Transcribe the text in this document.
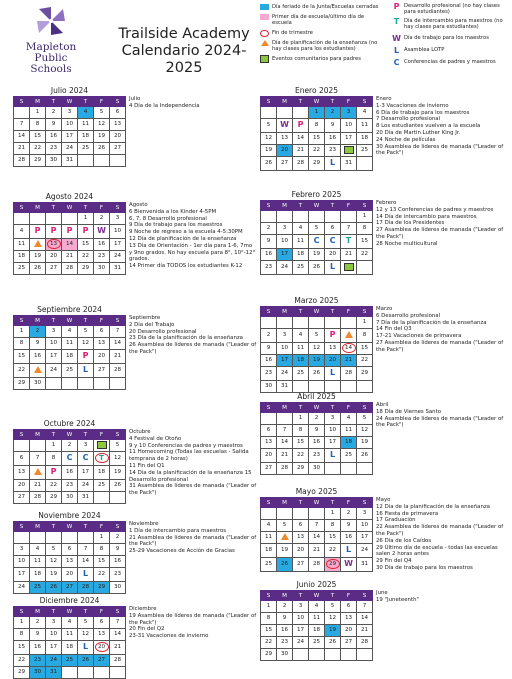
Mapleton
Public Schools
Trailside Academy
Calendario 2024-2025
Día feriado de la Junta/Escuelas cerradas
Primer día de escuela/último día de escuela
Fin de trimestre
Día de planificación de la enseñanza (no hay clases para los estudiantes)
Eventos comunitarios para padres
P Desarrollo profesional (no hay clases para estudiantes)
T Día de intercambio para maestros (no hay clases para estudiantes)
W Día de trabajo para los maestros
L Asamblea LOTP
C Conferencias de padres y maestros
Julio 2024
S	M	T	W	T	F	S
	1	2	3	4	5	6
7	8	9	10	11	12	13
14	15	16	17	18	19	20
21	22	23	24	25	26	27
28	29	30	31			
Julio
4 Día de la Independencia
Agosto 2024
S	M	T	W	T	F	S
				1	2	3
4	P	P	P	P	W	10
11		13	14	15	16	17
18	19	20	21	22	23	24
25	26	27	28	29	30	31
Agosto
6 Bienvenida a los Kinder 4-5PM
6, 7, 8 Desarrollo profesional
9 Día de trabajo para los maestros
9 Noche de regreso a la escuela 4-5:30PM
12 Día de planificación de la enseñanza
13 Día de Orientación - 1er día para 1-6, 7mo y 9no grados. No hay escuela para 8°, 10°-12° grados.
14 Primer día TODOS los estudiantes K-12
Septiembre 2024
S	M	T	W	T	F	S
1	2	3	4	5	6	7
8	9	10	11	12	13	14
15	16	17	18	P	20	21
22		24	25	L	27	28
29	30					
Septiembre
2 Día del Trabajo
20 Desarrollo profesional
23 Día de la planificación de la enseñanza
26 Asamblea de líderes de manada ("Leader of the Pack")
Octubre 2024
S	M	T	W	T	F	S
		1	2	3		5
6	7	8	C	C	T	12
13		P	16	17	18	19
20	21	22	23	24	25	26
27	28	29	30	31		
Octubre
4 Festival de Otoño
9 y 10 Conferencias de padres y maestros
11 Homecoming (Todas las escuelas - Salida temprana de 2 horas)
11 Fin del Q1
14 Día de la planificación de la enseñanza 15 Desarrollo profesional
31 Asamblea de líderes de manada ("Leader of the Pack")
Noviembre 2024
S	M	T	W	T	F	S
					1	2
3	4	5	6	7	8	9
10	11	12	13	14	15	16
17	18	19	20	L	22	23
24	25	26	27	28	29	30
Noviembre
1 Día de intercambio para maestros
21 Asamblea de líderes de manada ("Leader of the Pack")
25-29 Vacaciones de Acción de Gracias
Diciembre 2024
S	M	T	W	T	F	S
1	2	3	4	5	6	7
8	9	10	11	12	13	14
15	16	17	18	L	20	21
22	23	24	25	26	27	28
29	30	31				
Diciembre
19 Asamblea de líderes de manada ("Leader of the Pack")
20 Fin del Q2
23-31 Vacaciones de invierno
Enero 2025
S	M	T	W	T	F	S
			1	2	3	4
5	W	P	8	9	10	11
12	13	14	15	16	17	18
19	20	21	22	23		25
26	27	28	29	L	31	
Enero
1-3 Vacaciones de invierno
6 Día de trabajo para los maestros
7 Desarrollo profesional
8 Los estudiantes vuelven a la escuela
20 Día de Martin Luther King Jr.
24 Noche de películas
30 Asamblea de líderes de manada ("Leader of the Pack")
Febrero 2025
S	M	T	W	T	F	S
						1
2	3	4	5	6	7	8
9	10	11	C	C	T	15
16	17	18	19	20	21	22
23	24	25	26	L		
Febrero
12 y 13 Conferencias de padres y maestros
14 Día de intercambio para maestros
17 Día de los Presidentes
27 Asamblea de líderes de manada ("Leader of the Pack")
28 Noche multicultural
Marzo 2025
S	M	T	W	T	F	S
						1
2	3	4	5	P		8
9	10	11	12	13	14	15
16	17	18	19	20	21	22
23	24	25	26	L	28	29
30	31					
Marzo
6 Desarrollo profesional
7 Día de la planificación de la enseñanza
14 Fin del Q3
17-21 Vacaciones de primavera
27 Asamblea de líderes de manada ("Leader of the Pack")
Abril 2025
S	M	T	W	T	F	S
		1	2	3	4	5
6	7	8	9	10	11	12
13	14	15	16	17	18	19
20	21	22	23	L	25	26
27	28	29	30			
Abril
18 Día de Viernes Santo
24 Asamblea de líderes de manada ("Leader of the Pack")
Mayo 2025
S	M	T	W	T	F	S
				1	2	3
4	5	6	7	8	9	10
11		13	14	15	16	17
18	19	20	21	22	L	24
25	26	27	28	29	W	31
Mayo
12 Día de la planificación de la enseñanza
16 Fiesta de primavera
17 Graduación
22 Asamblea de líderes de manada ("Leader of the Pack")
26 Día de los Caídos
29 Último día de escuela - todas las escuelas salen 2 horas antes
29 Fin del Q4
30 Día de trabajo para los maestros
Junio 2025
S	M	T	W	T	F	S
1	2	3	4	5	6	7
8	9	10	11	12	13	14
15	16	17	18	19	20	21
22	23	24	25	26	27	28
29	30					
June
19 "Juneteenth"
